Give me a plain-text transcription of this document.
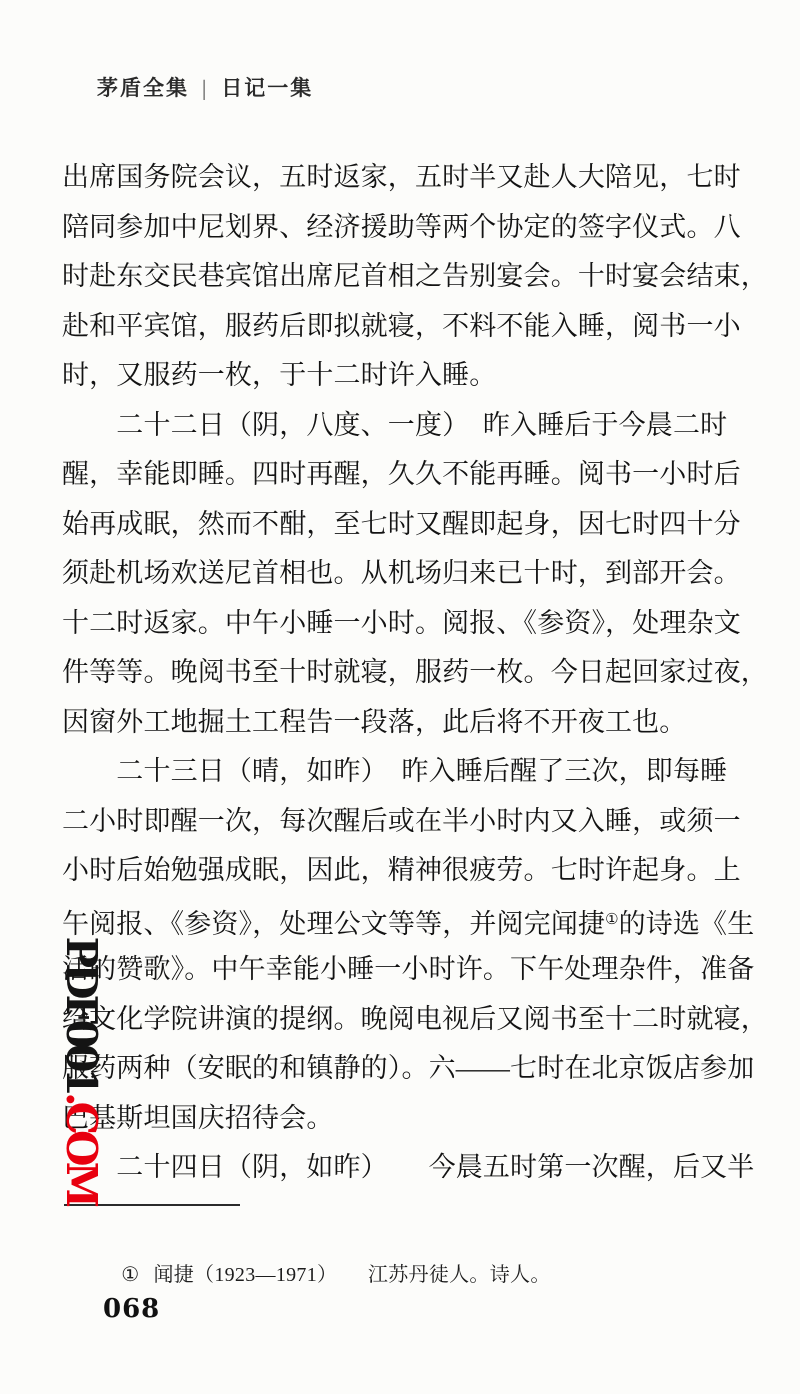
茅盾全集 | 日记一集

出席国务院会议，五时返家，五时半又赴人大陪见，七时
陪同参加中尼划界、经济援助等两个协定的签字仪式。八
时赴东交民巷宾馆出席尼首相之告别宴会。十时宴会结束，
赴和平宾馆，服药后即拟就寝，不料不能入睡，阅书一小
时，又服药一枚，于十二时许入睡。
　　二十二日（阴，八度、一度）　昨入睡后于今晨二时
醒，幸能即睡。四时再醒，久久不能再睡。阅书一小时后
始再成眠，然而不酣，至七时又醒即起身，因七时四十分
须赴机场欢送尼首相也。从机场归来已十时，到部开会。
十二时返家。中午小睡一小时。阅报、《参资》，处理杂文
件等等。晚阅书至十时就寝，服药一枚。今日起回家过夜，
因窗外工地掘土工程告一段落，此后将不开夜工也。
　　二十三日（晴，如昨）　昨入睡后醒了三次，即每睡
二小时即醒一次，每次醒后或在半小时内又入睡，或须一
小时后始勉强成眠，因此，精神很疲劳。七时许起身。上
午阅报、《参资》，处理公文等等，并阅完闻捷①的诗选《生
活的赞歌》。中午幸能小睡一小时许。下午处理杂件，准备
给文化学院讲演的提纲。晚阅电视后又阅书至十二时就寝，
服药两种（安眠的和镇静的）。六——七时在北京饭店参加
巴基斯坦国庆招待会。
　　二十四日（阴，如昨）　　今晨五时第一次醒，后又半

① 闻捷（1923—1971）　　江苏丹徒人。诗人。

068

PDF001.COM
